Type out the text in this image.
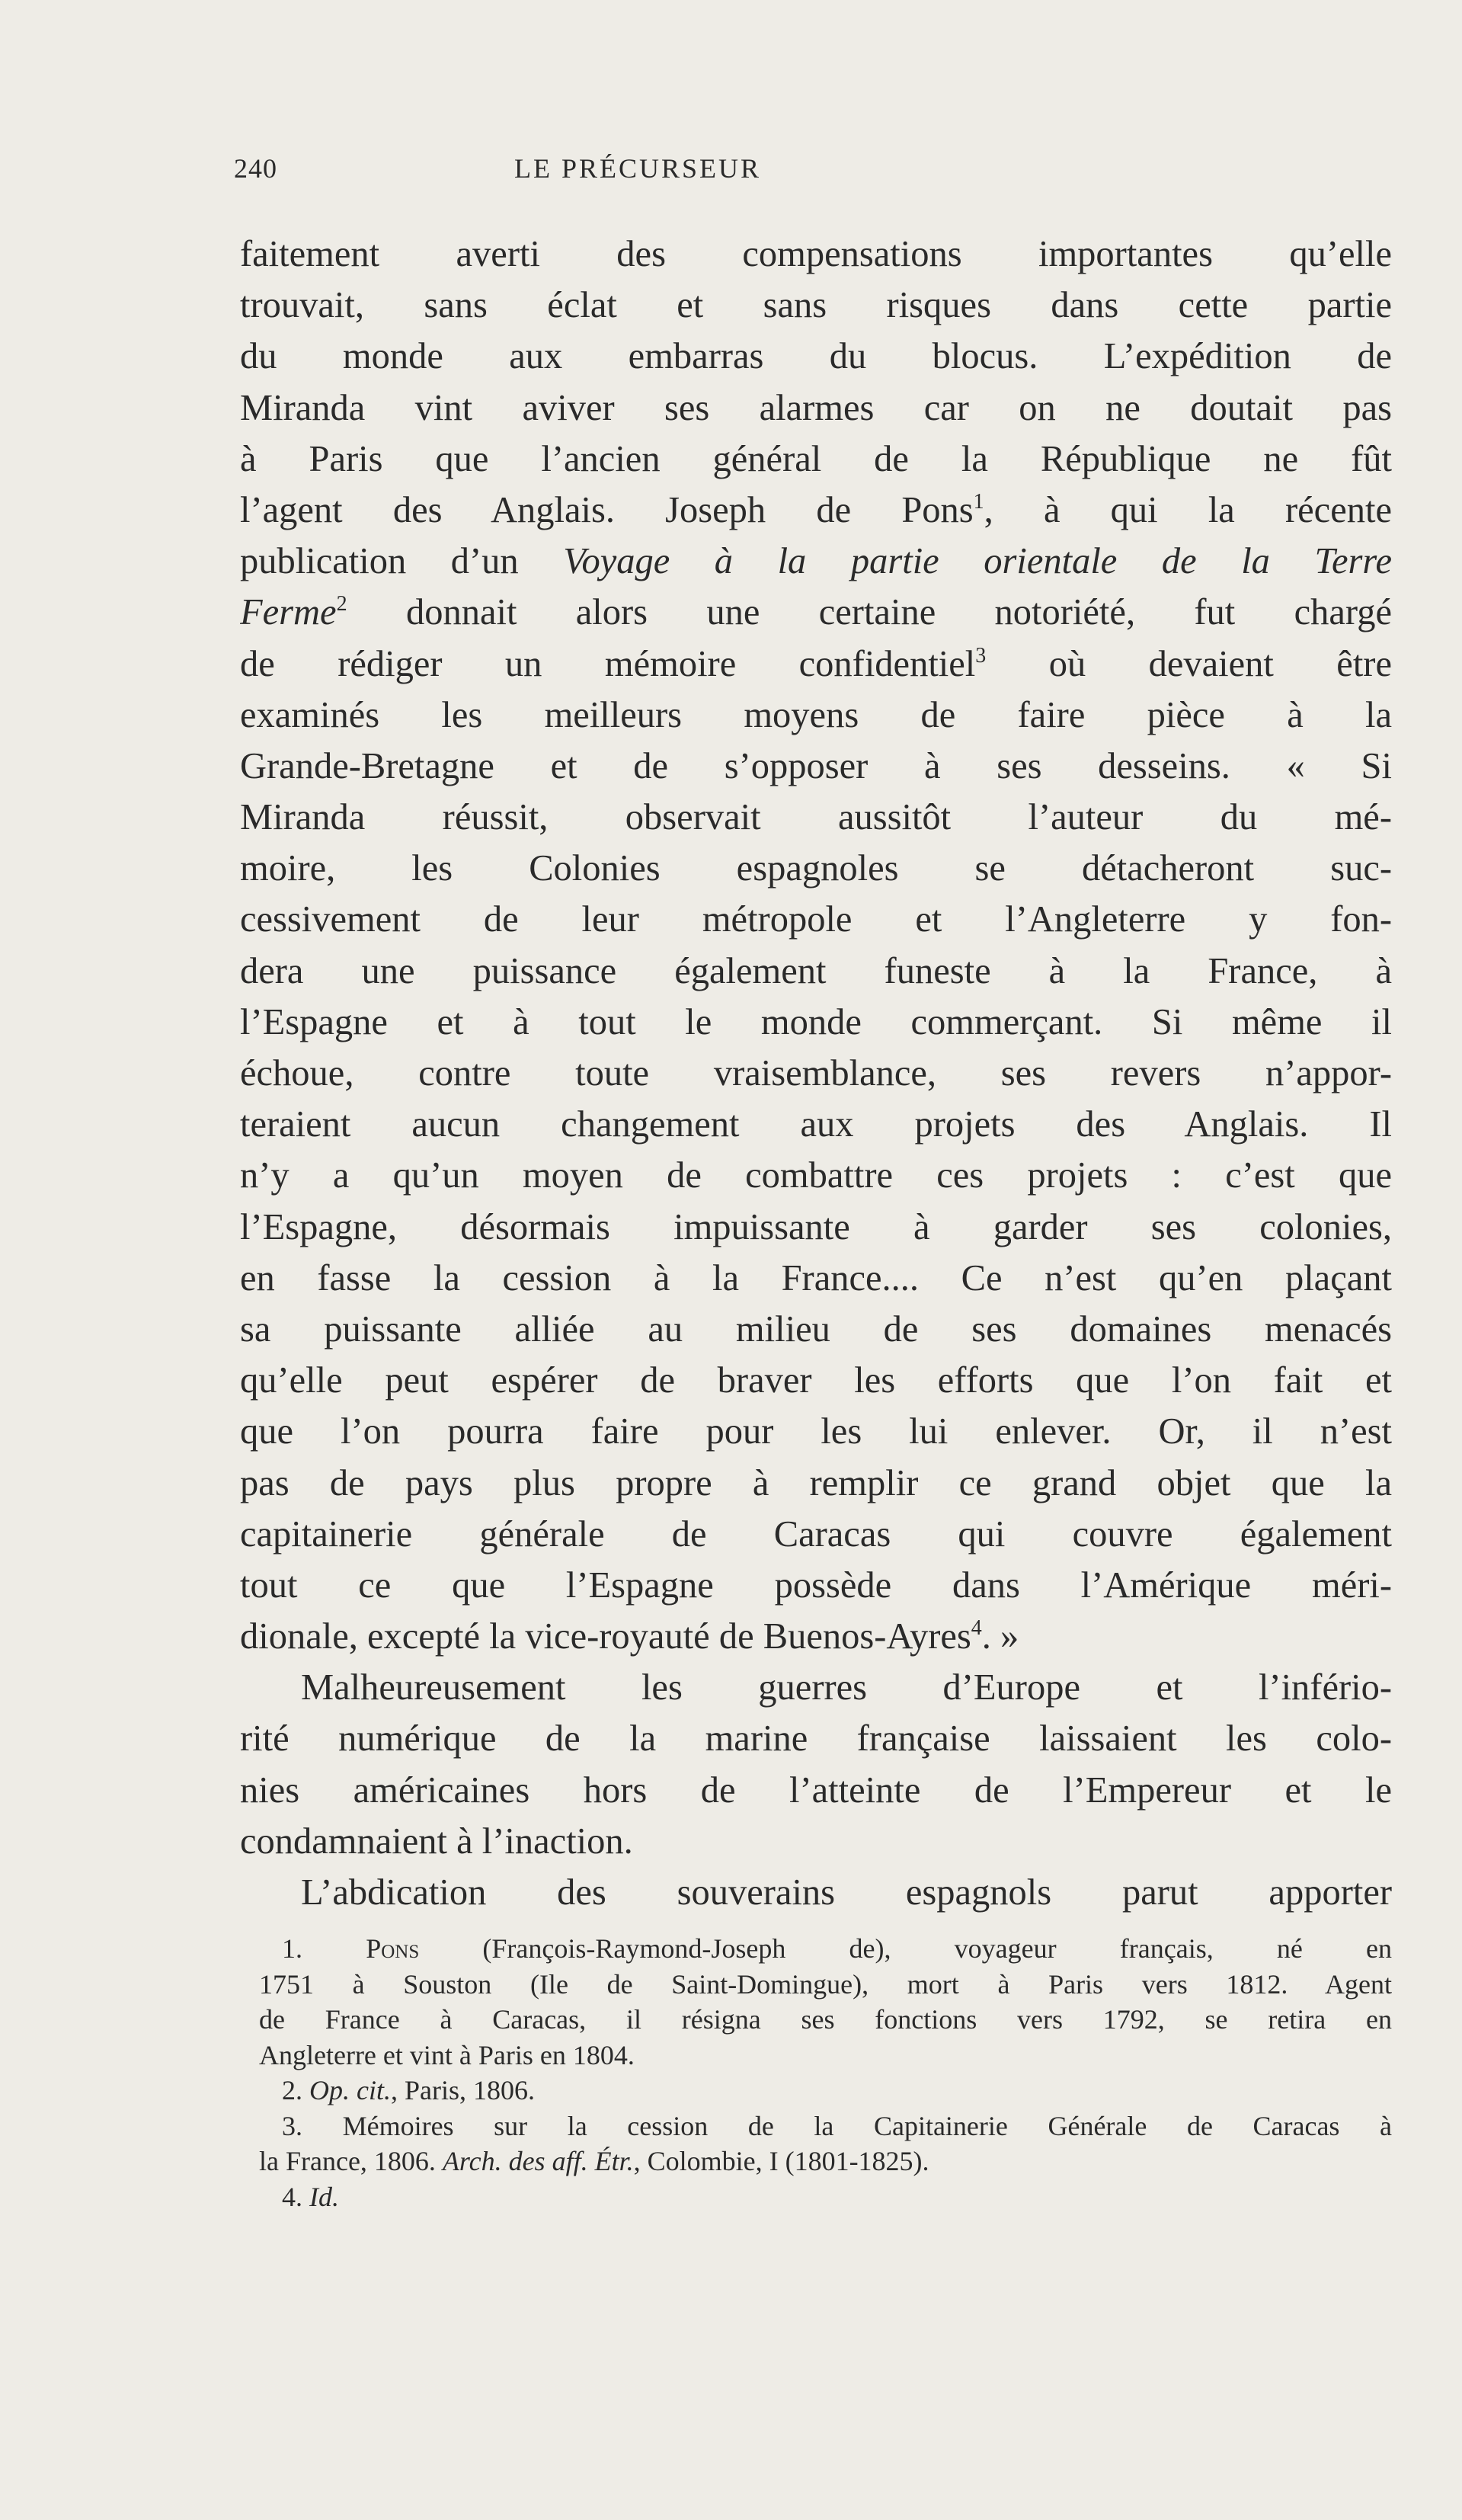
240	LE PRÉCURSEUR
faitement averti des compensations importantes qu’elle
trouvait, sans éclat et sans risques dans cette partie
du monde aux embarras du blocus. L’expédition de
Miranda vint aviver ses alarmes car on ne doutait pas
à Paris que l’ancien général de la République ne fût
l’agent des Anglais. Joseph de Pons$^1$, à qui la récente
publication d’un Voyage à la partie orientale de la Terre
Ferme$^2$ donnait alors une certaine notoriété, fut chargé
de rédiger un mémoire confidentiel$^3$ où devaient être
examinés les meilleurs moyens de faire pièce à la
Grande-Bretagne et de s’opposer à ses desseins. « Si
Miranda réussit, observait aussitôt l’auteur du mé-
moire, les Colonies espagnoles se détacheront suc-
cessivement de leur métropole et l’Angleterre y fon-
dera une puissance également funeste à la France, à
l’Espagne et à tout le monde commerçant. Si même il
échoue, contre toute vraisemblance, ses revers n’appor-
teraient aucun changement aux projets des Anglais. Il
n’y a qu’un moyen de combattre ces projets : c’est que
l’Espagne, désormais impuissante à garder ses colonies,
en fasse la cession à la France.... Ce n’est qu’en plaçant
sa puissante alliée au milieu de ses domaines menacés
qu’elle peut espérer de braver les efforts que l’on fait et
que l’on pourra faire pour les lui enlever. Or, il n’est
pas de pays plus propre à remplir ce grand objet que la
capitainerie générale de Caracas qui couvre également
tout ce que l’Espagne possède dans l’Amérique méri-
dionale, excepté la vice-royauté de Buenos-Ayres$^4$. »
Malheureusement les guerres d’Europe et l’infério-
rité numérique de la marine française laissaient les colo-
nies américaines hors de l’atteinte de l’Empereur et le
condamnaient à l’inaction.
L’abdication des souverains espagnols parut apporter
1. Pons (François-Raymond-Joseph de), voyageur français, né en
1751 à Souston (Ile de Saint-Domingue), mort à Paris vers 1812. Agent
de France à Caracas, il résigna ses fonctions vers 1792, se retira en
Angleterre et vint à Paris en 1804.
2. Op. cit., Paris, 1806.
3. Mémoires sur la cession de la Capitainerie Générale de Caracas à
la France, 1806. Arch. des aff. Étr., Colombie, I (1801-1825).
4. Id.
